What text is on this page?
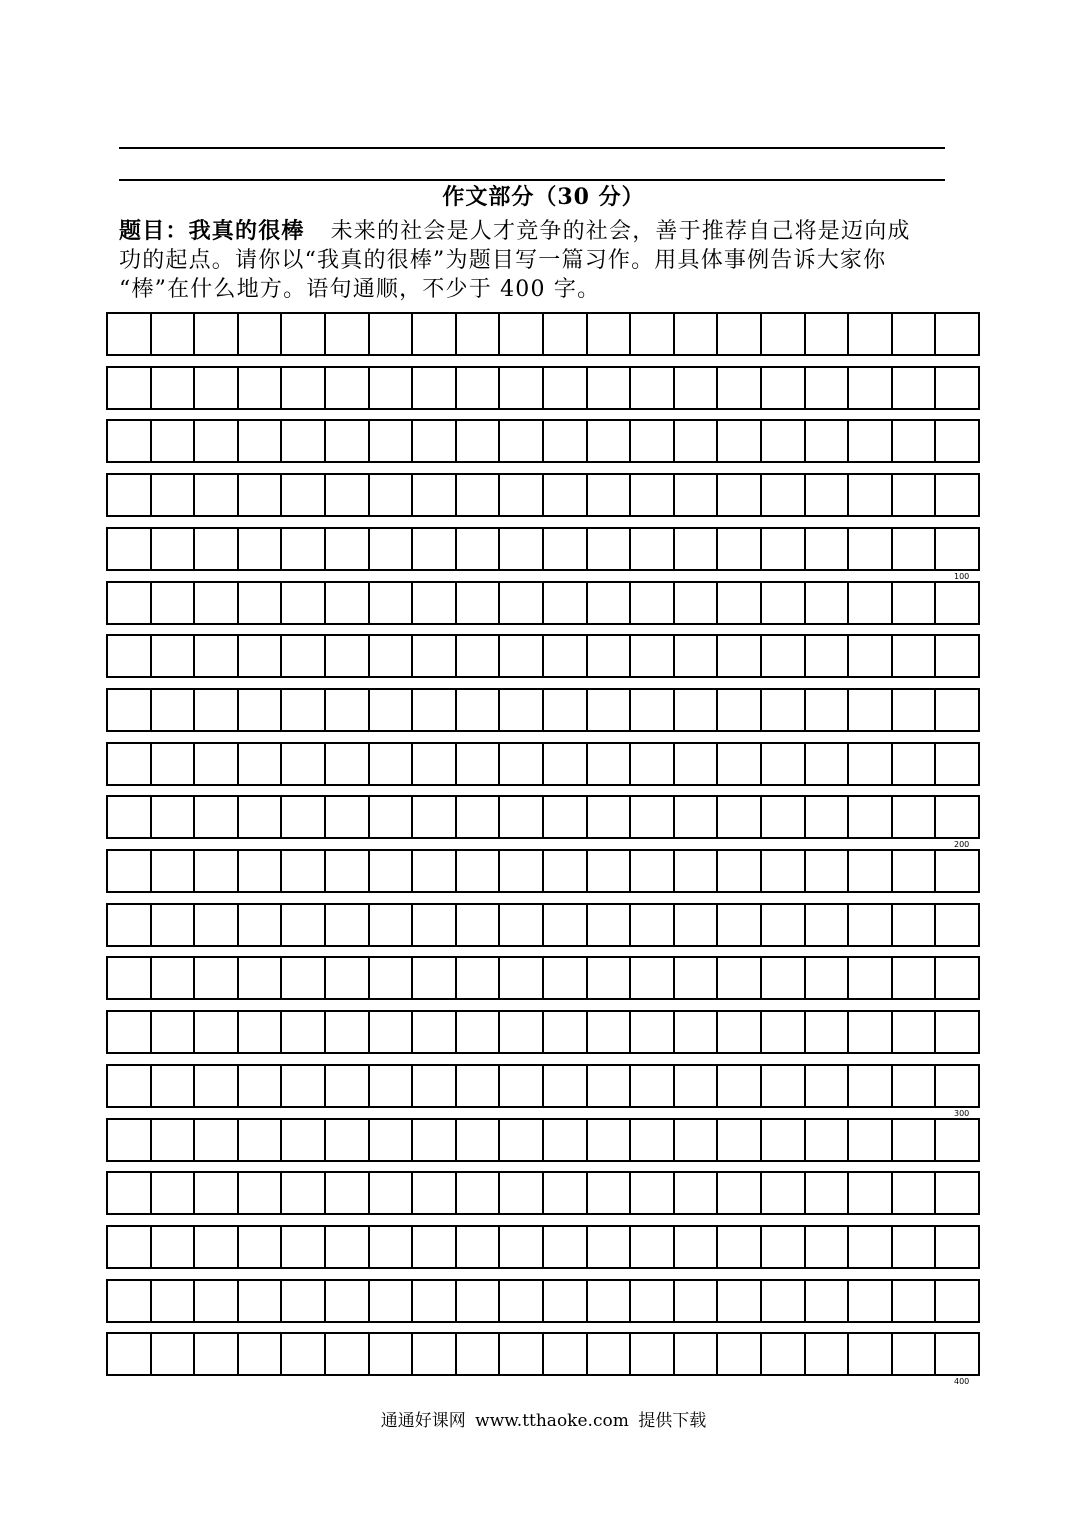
作文部分（30 分）
题目：我真的很棒 未来的社会是人才竞争的社会，善于推荐自己将是迈向成
功的起点。请你以“我真的很棒”为题目写一篇习作。用具体事例告诉大家你
“棒”在什么地方。语句通顺，不少于 400 字。
100
200
300
400
通通好课网 www.tthaoke.com 提供下载
